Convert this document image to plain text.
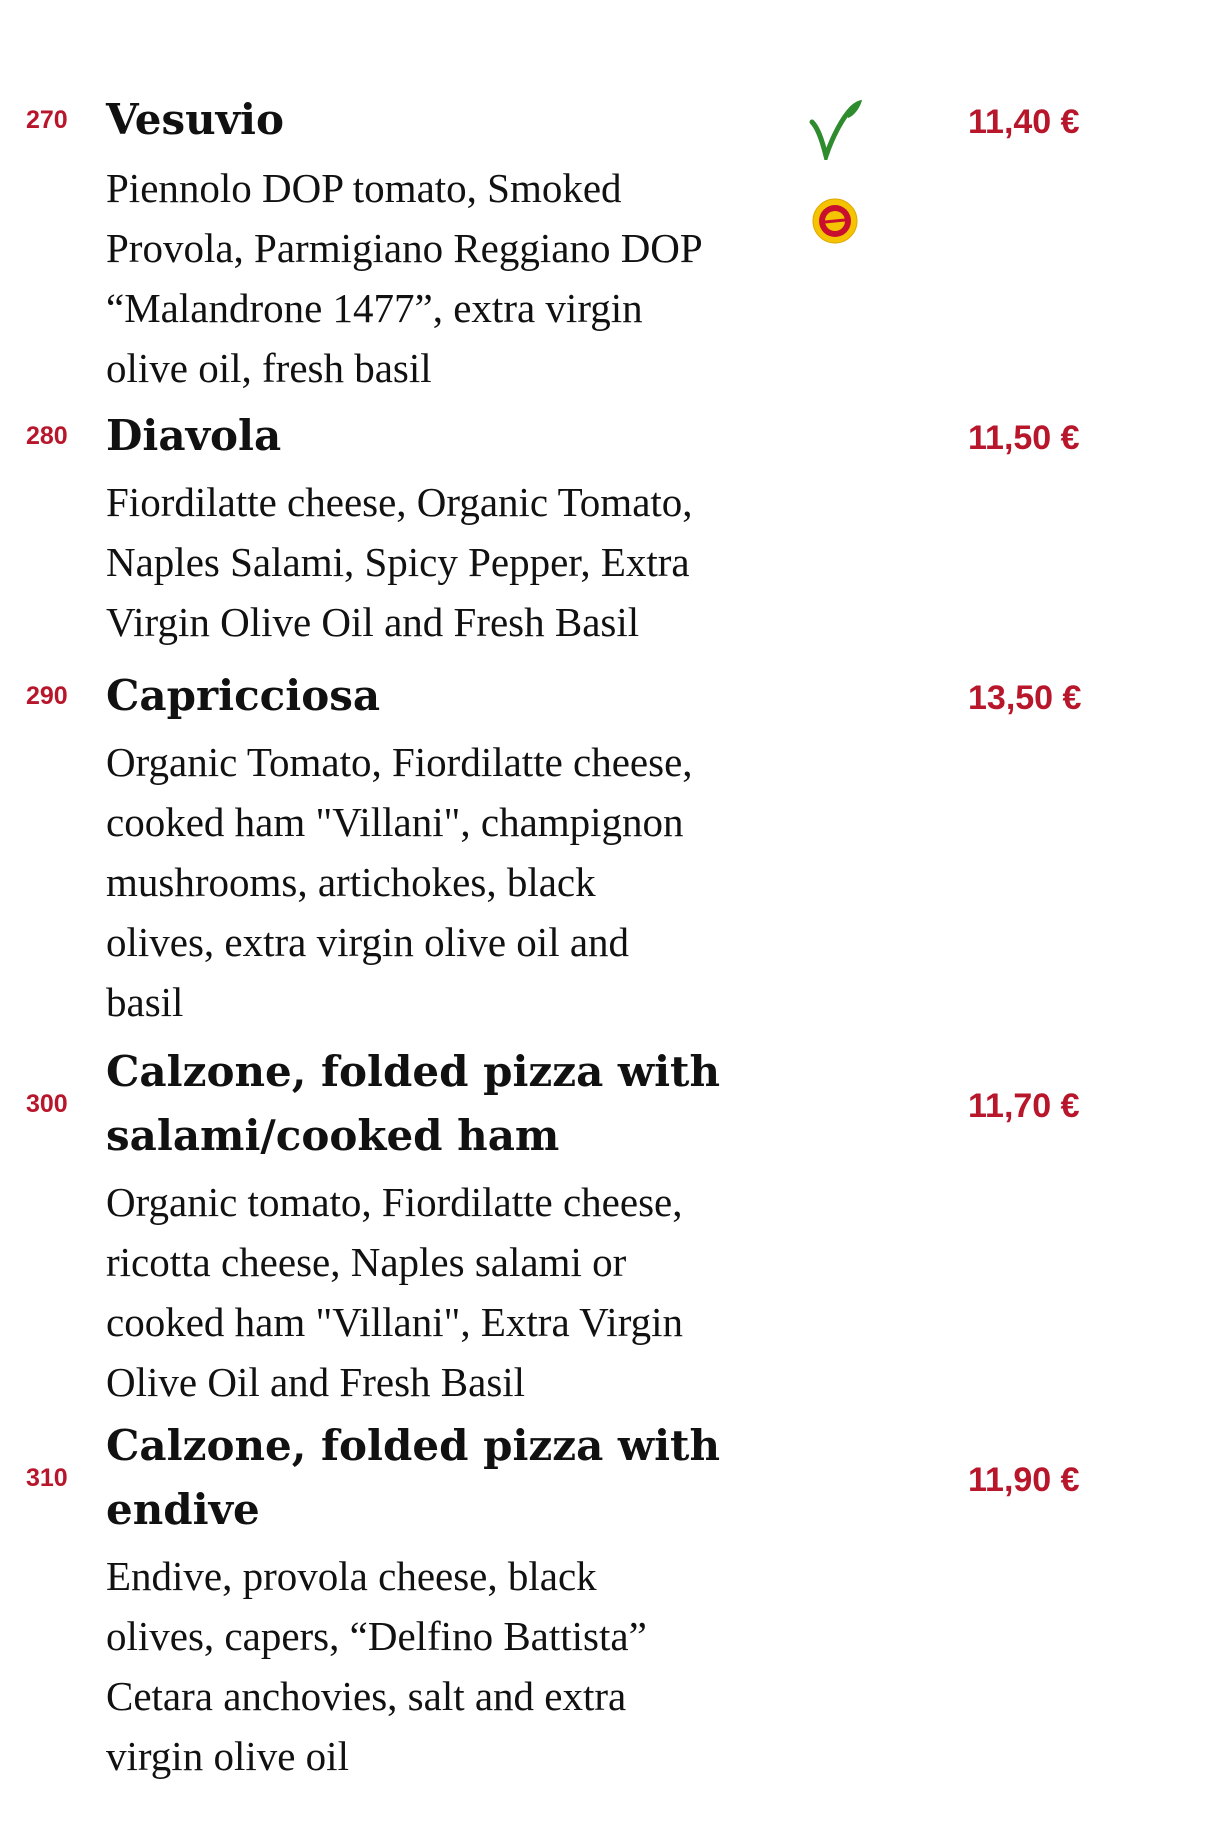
270 Vesuvio
Piennolo DOP tomato, Smoked
Provola, Parmigiano Reggiano DOP
“Malandrone 1477”, extra virgin
olive oil, fresh basil
11,40 €
280 Diavola
Fiordilatte cheese, Organic Tomato,
Naples Salami, Spicy Pepper, Extra
Virgin Olive Oil and Fresh Basil
11,50 €
290 Capricciosa
Organic Tomato, Fiordilatte cheese,
cooked ham "Villani", champignon
mushrooms, artichokes, black
olives, extra virgin olive oil and
basil
13,50 €
300
Calzone, folded pizza with
salami/cooked ham
Organic tomato, Fiordilatte cheese,
ricotta cheese, Naples salami or
cooked ham "Villani", Extra Virgin
Olive Oil and Fresh Basil
11,70 €
310
Calzone, folded pizza with
endive
Endive, provola cheese, black
olives, capers, “Delfino Battista”
Cetara anchovies, salt and extra
virgin olive oil
11,90 €
